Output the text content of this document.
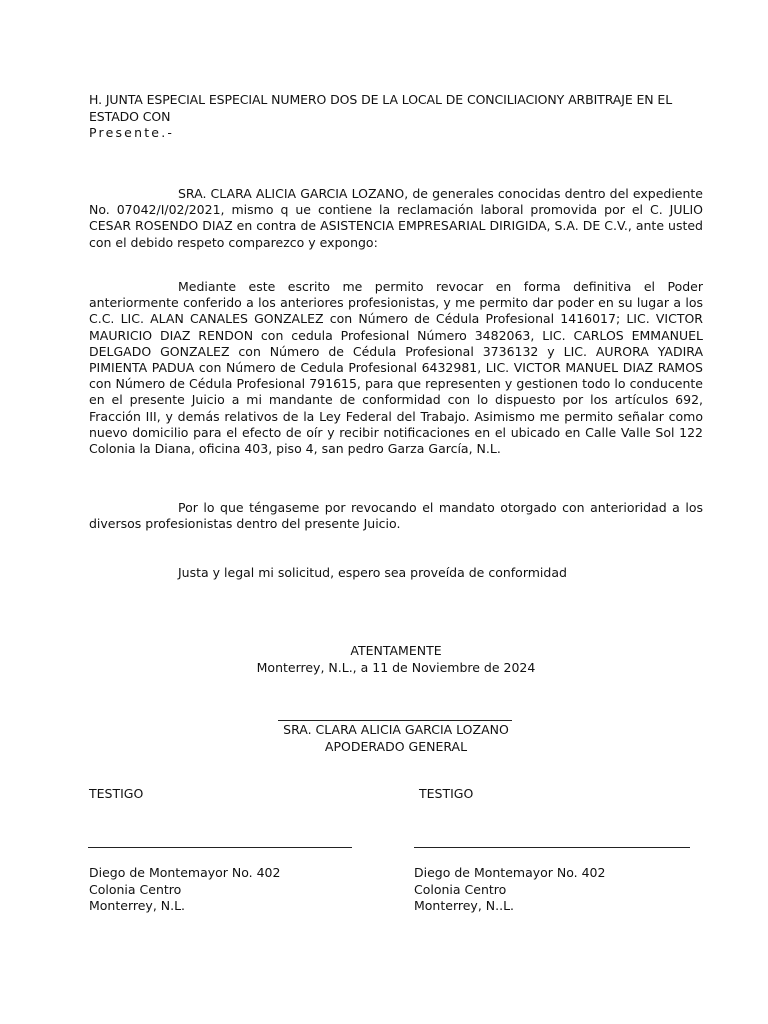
H. JUNTA ESPECIAL ESPECIAL NUMERO DOS DE LA LOCAL DE CONCILIACIONY ARBITRAJE EN EL
ESTADO CON
Presente.-

SRA. CLARA ALICIA GARCIA LOZANO, de generales conocidas dentro del expediente No. 07042/I/02/2021, mismo q ue contiene la reclamación laboral promovida por el C. JULIO CESAR ROSENDO DIAZ en contra de ASISTENCIA EMPRESARIAL DIRIGIDA, S.A. DE C.V., ante usted con el debido respeto comparezco y expongo:

Mediante este escrito me permito revocar en forma definitiva el Poder anteriormente conferido a los anteriores profesionistas, y me permito dar poder en su lugar a los C.C. LIC. ALAN CANALES GONZALEZ con Número de Cédula Profesional 1416017; LIC. VICTOR MAURICIO DIAZ RENDON con cedula Profesional Número 3482063, LIC. CARLOS EMMANUEL DELGADO GONZALEZ con Número de Cédula Profesional 3736132 y LIC. AURORA YADIRA PIMIENTA PADUA con Número de Cedula Profesional 6432981, LIC. VICTOR MANUEL DIAZ RAMOS con Número de Cédula Profesional 791615, para que representen y gestionen todo lo conducente en el presente Juicio a mi mandante de conformidad con lo dispuesto por los artículos 692, Fracción III, y demás relativos de la Ley Federal del Trabajo. Asimismo me permito señalar como nuevo domicilio para el efecto de oír y recibir notificaciones en el ubicado en Calle Valle Sol 122 Colonia la Diana, oficina 403, piso 4, san pedro Garza García, N.L.

Por lo que téngaseme por revocando el mandato otorgado con anterioridad a los diversos profesionistas dentro del presente Juicio.

Justa y legal mi solicitud, espero sea proveída de conformidad

ATENTAMENTE
Monterrey, N.L., a 11 de Noviembre de 2024
SRA. CLARA ALICIA GARCIA LOZANO
APODERADO GENERAL
TESTIGO	TESTIGO
Diego de Montemayor No. 402
Colonia Centro
Monterrey, N.L.
Diego de Montemayor No. 402
Colonia Centro
Monterrey, N..L.
